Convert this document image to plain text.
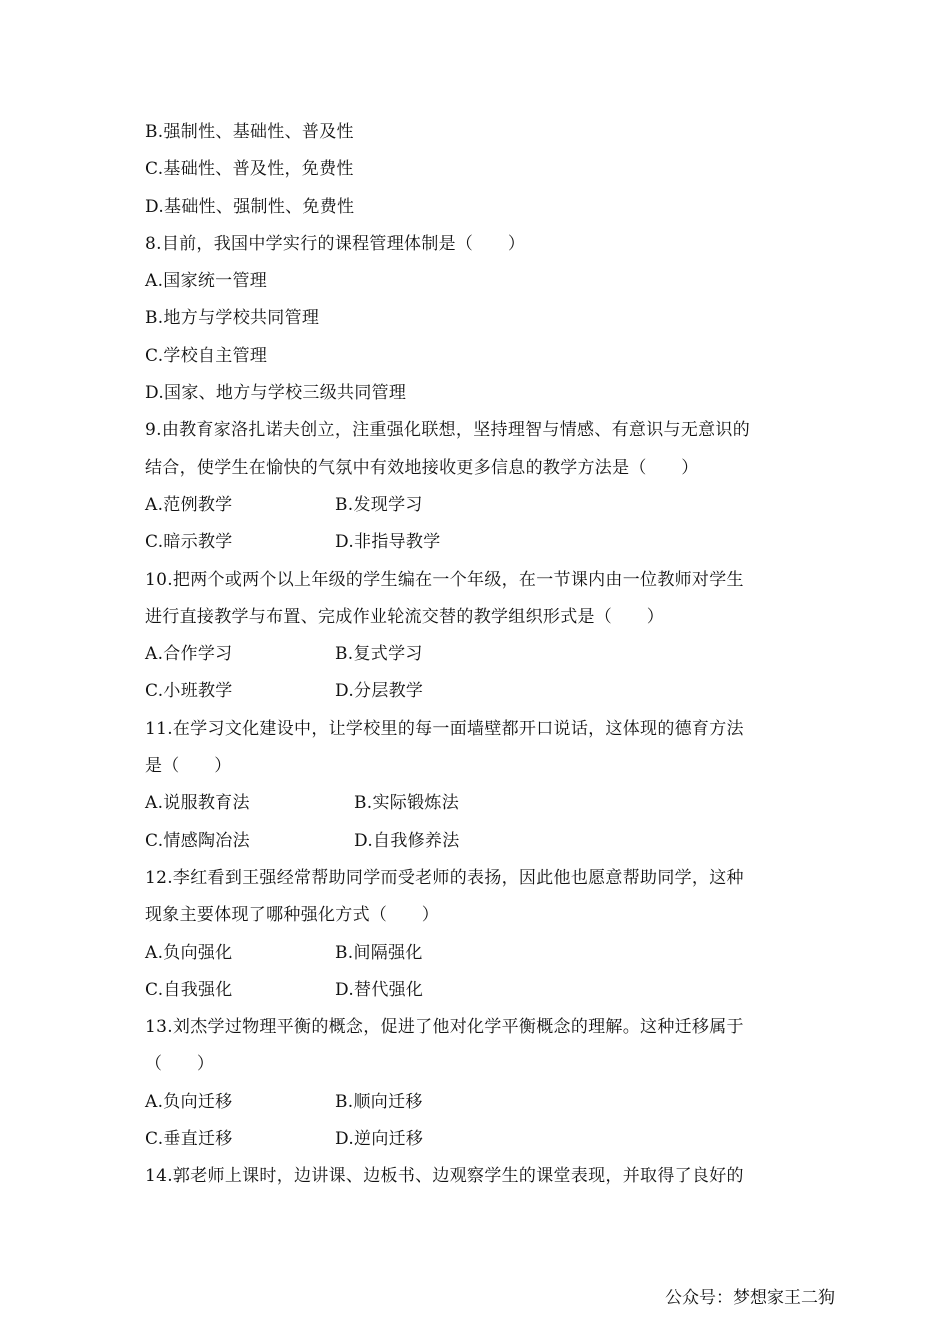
B.强制性、基础性、普及性
C.基础性、普及性，免费性
D.基础性、强制性、免费性
8.目前，我国中学实行的课程管理体制是（　　）
A.国家统一管理
B.地方与学校共同管理
C.学校自主管理
D.国家、地方与学校三级共同管理
9.由教育家洛扎诺夫创立，注重强化联想，坚持理智与情感、有意识与无意识的
结合，使学生在愉快的气氛中有效地接收更多信息的教学方法是（　　）
A.范例教学	B.发现学习
C.暗示教学	D.非指导教学
10.把两个或两个以上年级的学生编在一个年级，在一节课内由一位教师对学生
进行直接教学与布置、完成作业轮流交替的教学组织形式是（　　）
A.合作学习	B.复式学习
C.小班教学	D.分层教学
11.在学习文化建设中，让学校里的每一面墙壁都开口说话，这体现的德育方法
是（　　）
A.说服教育法	B.实际锻炼法
C.情感陶冶法	D.自我修养法
12.李红看到王强经常帮助同学而受老师的表扬，因此他也愿意帮助同学，这种
现象主要体现了哪种强化方式（　　）
A.负向强化	B.间隔强化
C.自我强化	D.替代强化
13.刘杰学过物理平衡的概念，促进了他对化学平衡概念的理解。这种迁移属于
（　　）
A.负向迁移	B.顺向迁移
C.垂直迁移	D.逆向迁移
14.郭老师上课时，边讲课、边板书、边观察学生的课堂表现，并取得了良好的
公众号：梦想家王二狗
